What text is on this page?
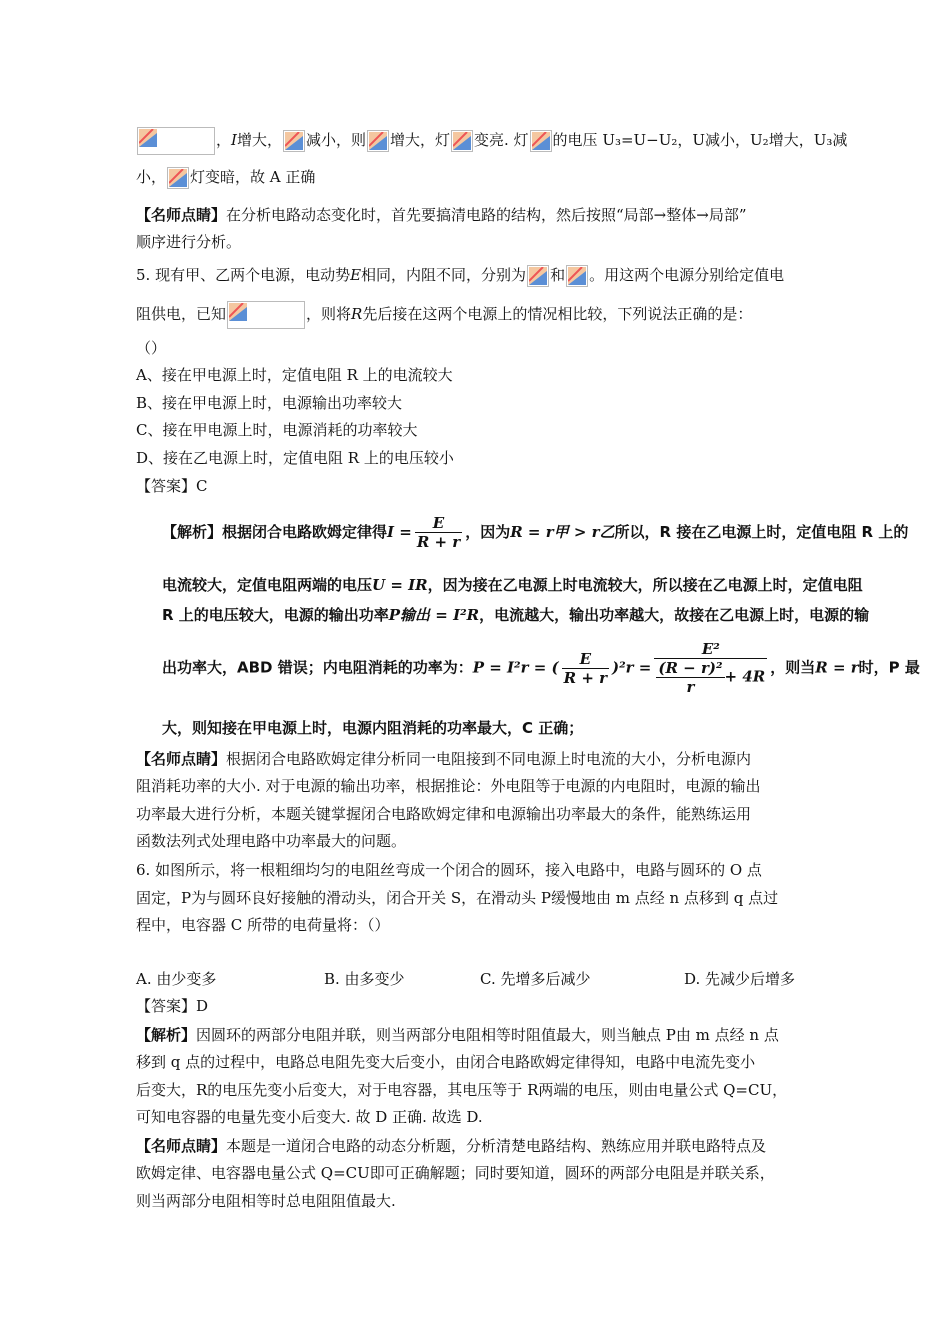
，I增大， 减小，则 增大，灯 变亮. 灯 的电压 U₃=U−U₂，U减小，U₂增大，U₃减
小， 灯变暗，故 A 正确
【名师点睛】在分析电路动态变化时，首先要搞清电路的结构，然后按照“局部→整体→局部”
顺序进行分析。
5. 现有甲、乙两个电源，电动势E相同，内阻不同，分别为 和 。用这两个电源分别给定值电
阻供电，已知	，则将R先后接在这两个电源上的情况相比较，下列说法正确的是：
（）
A、接在甲电源上时，定值电阻 R 上的电流较大
B、接在甲电源上时，电源输出功率较大
C、接在甲电源上时，电源消耗的功率较大
D、接在乙电源上时，定值电阻 R 上的电压较小
【答案】C
【解析】根据闭合电路欧姆定律得$I = \frac{E}{R + r}$ ，因为R = r甲 > r乙所以，R 接在乙电源上时，定值电阻 R 上的
电流较大，定值电阻两端的电压U = IR，因为接在乙电源上时电流较大，所以接在乙电源上时，定值电阻
R 上的电压较大，电源的输出功率P输出 = I²R，电流越大，输出功率越大，故接在乙电源上时，电源的输
出功率大，ABD 错误；内电阻消耗的功率为：P = I²r = ( $\frac{E}{R + r} )^2r = \frac{\text{E²}}{\frac{\text{(R − r)²}}{r} + 4R}$ ，则当R = r时，P 最
大，则知接在甲电源上时，电源内阻消耗的功率最大，C 正确；
【名师点睛】根据闭合电路欧姆定律分析同一电阻接到不同电源上时电流的大小，分析电源内
阻消耗功率的大小. 对于电源的输出功率，根据推论：外电阻等于电源的内电阻时，电源的输出
功率最大进行分析，本题关键掌握闭合电路欧姆定律和电源输出功率最大的条件，能熟练运用
函数法列式处理电路中功率最大的问题。
6. 如图所示，将一根粗细均匀的电阻丝弯成一个闭合的圆环，接入电路中，电路与圆环的 O 点
固定，P为与圆环良好接触的滑动头，闭合开关 S，在滑动头 P缓慢地由 m 点经 n 点移到 q 点过
程中，电容器 C 所带的电荷量将：（）
A. 由少变多	B. 由多变少	C. 先增多后减少	D. 先减少后增多
【答案】D
【解析】因圆环的两部分电阻并联，则当两部分电阻相等时阻值最大，则当触点 P由 m 点经 n 点
移到 q 点的过程中，电路总电阻先变大后变小，由闭合电路欧姆定律得知，电路中电流先变小
后变大，R的电压先变小后变大，对于电容器，其电压等于 R两端的电压，则由电量公式 Q=CU，
可知电容器的电量先变小后变大. 故 D 正确. 故选 D.
【名师点睛】本题是一道闭合电路的动态分析题，分析清楚电路结构、熟练应用并联电路特点及
欧姆定律、电容器电量公式 Q=CU即可正确解题；同时要知道，圆环的两部分电阻是并联关系，
则当两部分电阻相等时总电阻阻值最大.
